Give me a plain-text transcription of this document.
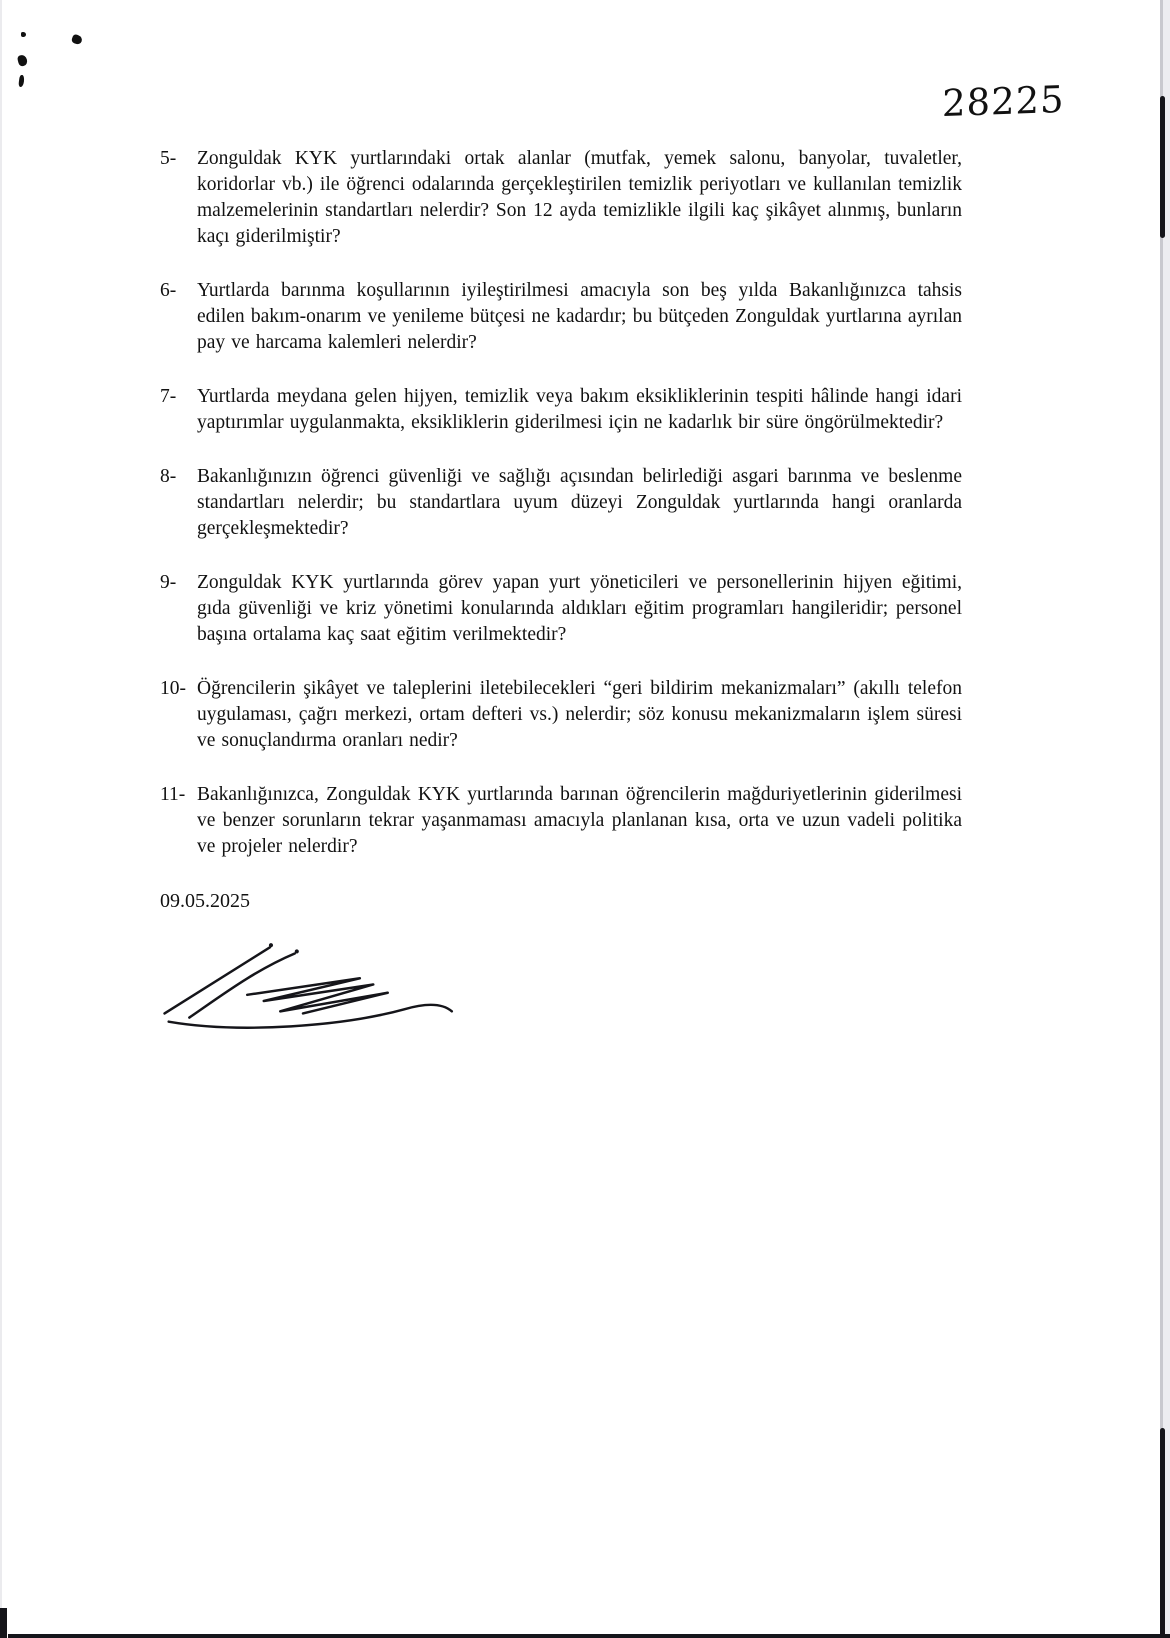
28225
5-	Zonguldak KYK yurtlarındaki ortak alanlar (mutfak, yemek salonu, banyolar, tuvaletler, koridorlar vb.) ile öğrenci odalarında gerçekleştirilen temizlik periyotları ve kullanılan temizlik malzemelerinin standartları nelerdir? Son 12 ayda temizlikle ilgili kaç şikâyet alınmış, bunların kaçı giderilmiştir?
6-	Yurtlarda barınma koşullarının iyileştirilmesi amacıyla son beş yılda Bakanlığınızca tahsis edilen bakım-onarım ve yenileme bütçesi ne kadardır; bu bütçeden Zonguldak yurtlarına ayrılan pay ve harcama kalemleri nelerdir?
7-	Yurtlarda meydana gelen hijyen, temizlik veya bakım eksikliklerinin tespiti hâlinde hangi idari yaptırımlar uygulanmakta, eksikliklerin giderilmesi için ne kadarlık bir süre öngörülmektedir?
8-	Bakanlığınızın öğrenci güvenliği ve sağlığı açısından belirlediği asgari barınma ve beslenme standartları nelerdir; bu standartlara uyum düzeyi Zonguldak yurtlarında hangi oranlarda gerçekleşmektedir?
9-	Zonguldak KYK yurtlarında görev yapan yurt yöneticileri ve personellerinin hijyen eğitimi, gıda güvenliği ve kriz yönetimi konularında aldıkları eğitim programları hangileridir; personel başına ortalama kaç saat eğitim verilmektedir?
10- Öğrencilerin şikâyet ve taleplerini iletebilecekleri “geri bildirim mekanizmaları” (akıllı telefon uygulaması, çağrı merkezi, ortam defteri vs.) nelerdir; söz konusu mekanizmaların işlem süresi ve sonuçlandırma oranları nedir?
11- Bakanlığınızca, Zonguldak KYK yurtlarında barınan öğrencilerin mağduriyetlerinin giderilmesi ve benzer sorunların tekrar yaşanmaması amacıyla planlanan kısa, orta ve uzun vadeli politika ve projeler nelerdir?
09.05.2025
